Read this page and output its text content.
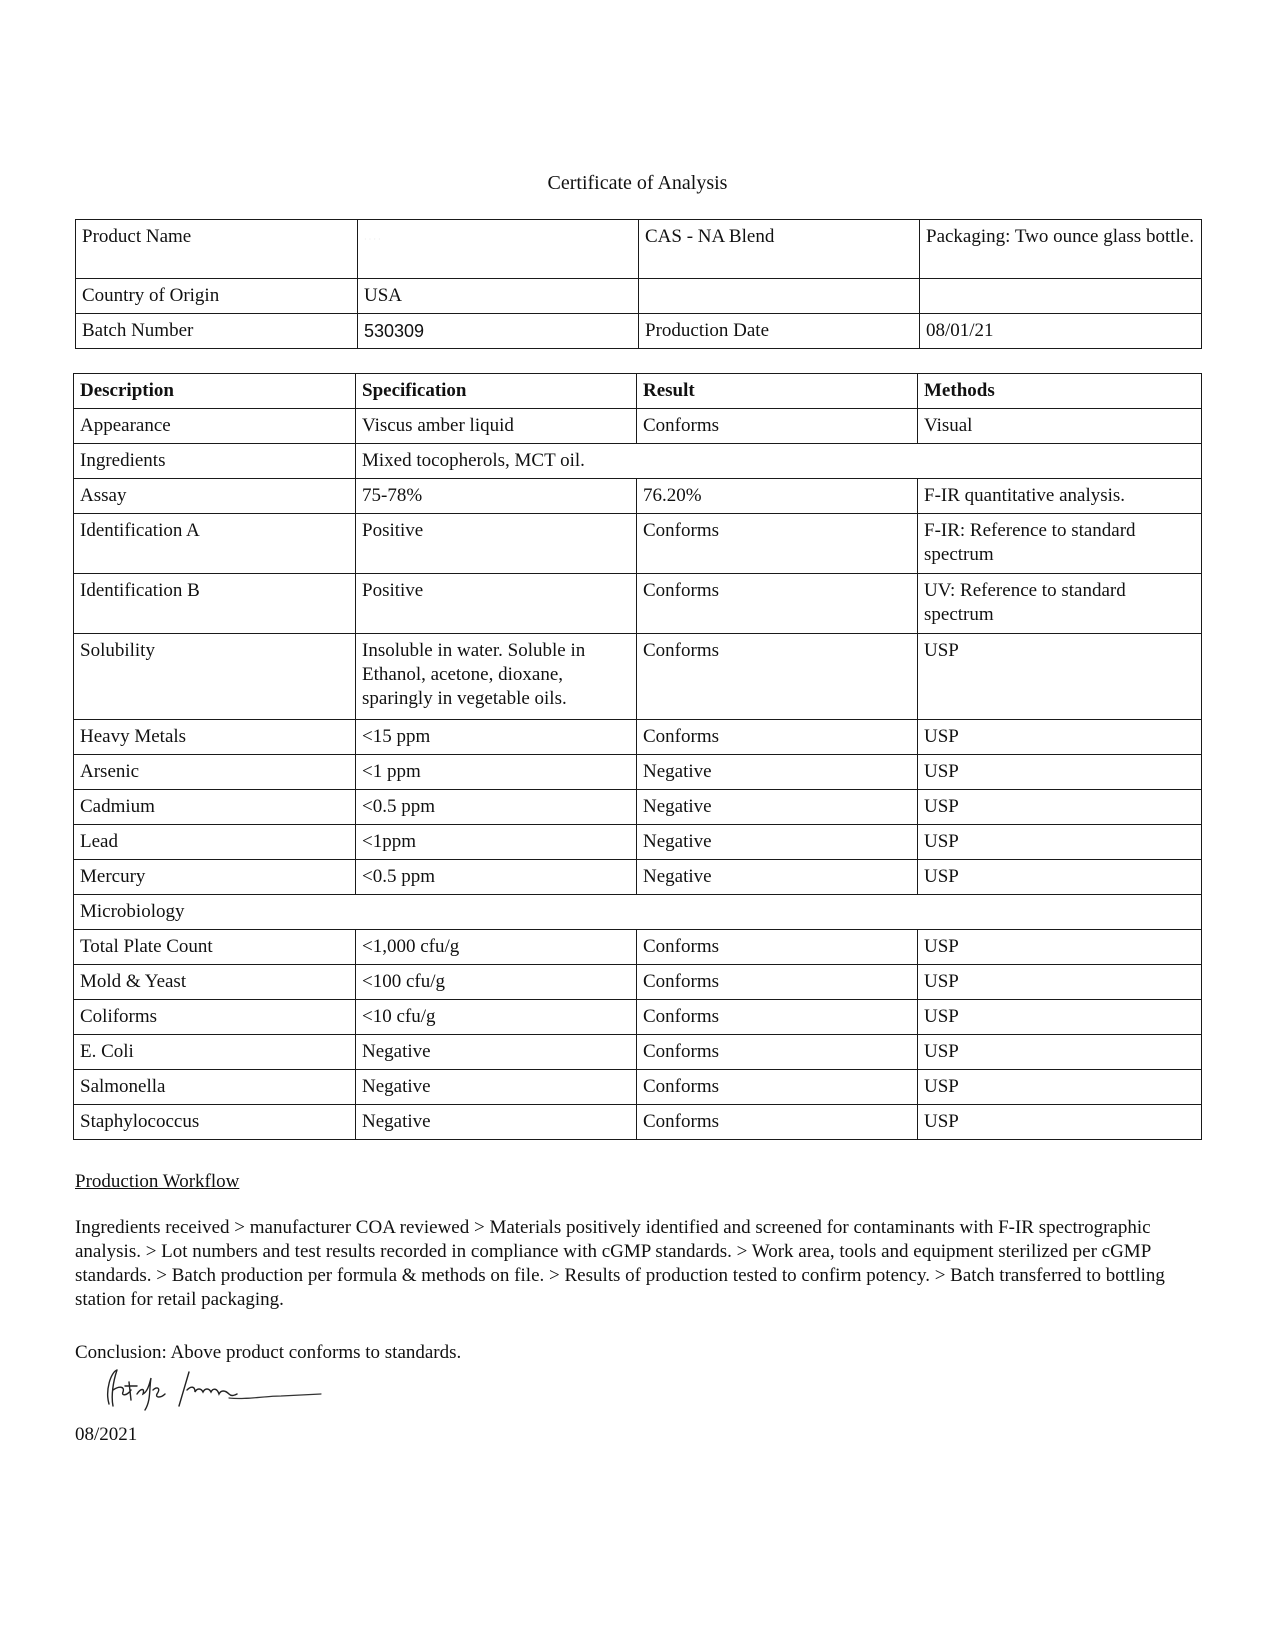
Certificate of Analysis
Product Name	· · · ·	CAS - NA Blend	Packaging: Two ounce glass bottle.
Country of Origin	USA		
Batch Number	530309	Production Date	08/01/21
Description	Specification	Result	Methods
Appearance	Viscus amber liquid	Conforms	Visual
Ingredients	Mixed tocopherols, MCT oil.		
Assay	75-78%	76.20%	F-IR quantitative analysis.
Identification A	Positive	Conforms	F-IR: Reference to standard spectrum
Identification B	Positive	Conforms	UV: Reference to standard spectrum
Solubility	Insoluble in water. Soluble in Ethanol, acetone, dioxane, sparingly in vegetable oils.	Conforms	USP
Heavy Metals	<15 ppm	Conforms	USP
Arsenic	<1 ppm	Negative	USP
Cadmium	<0.5 ppm	Negative	USP
Lead	<1ppm	Negative	USP
Mercury	<0.5 ppm	Negative	USP
Microbiology			
Total Plate Count	<1,000 cfu/g	Conforms	USP
Mold & Yeast	<100 cfu/g	Conforms	USP
Coliforms	<10 cfu/g	Conforms	USP
E. Coli	Negative	Conforms	USP
Salmonella	Negative	Conforms	USP
Staphylococcus	Negative	Conforms	USP
Production Workflow

Ingredients received > manufacturer COA reviewed > Materials positively identified and screened for contaminants with F-IR spectrographic analysis. > Lot numbers and test results recorded in compliance with cGMP standards. > Work area, tools and equipment sterilized per cGMP standards. > Batch production per formula & methods on file. > Results of production tested to confirm potency. > Batch transferred to bottling station for retail packaging.

Conclusion: Above product conforms to standards.
08/2021
